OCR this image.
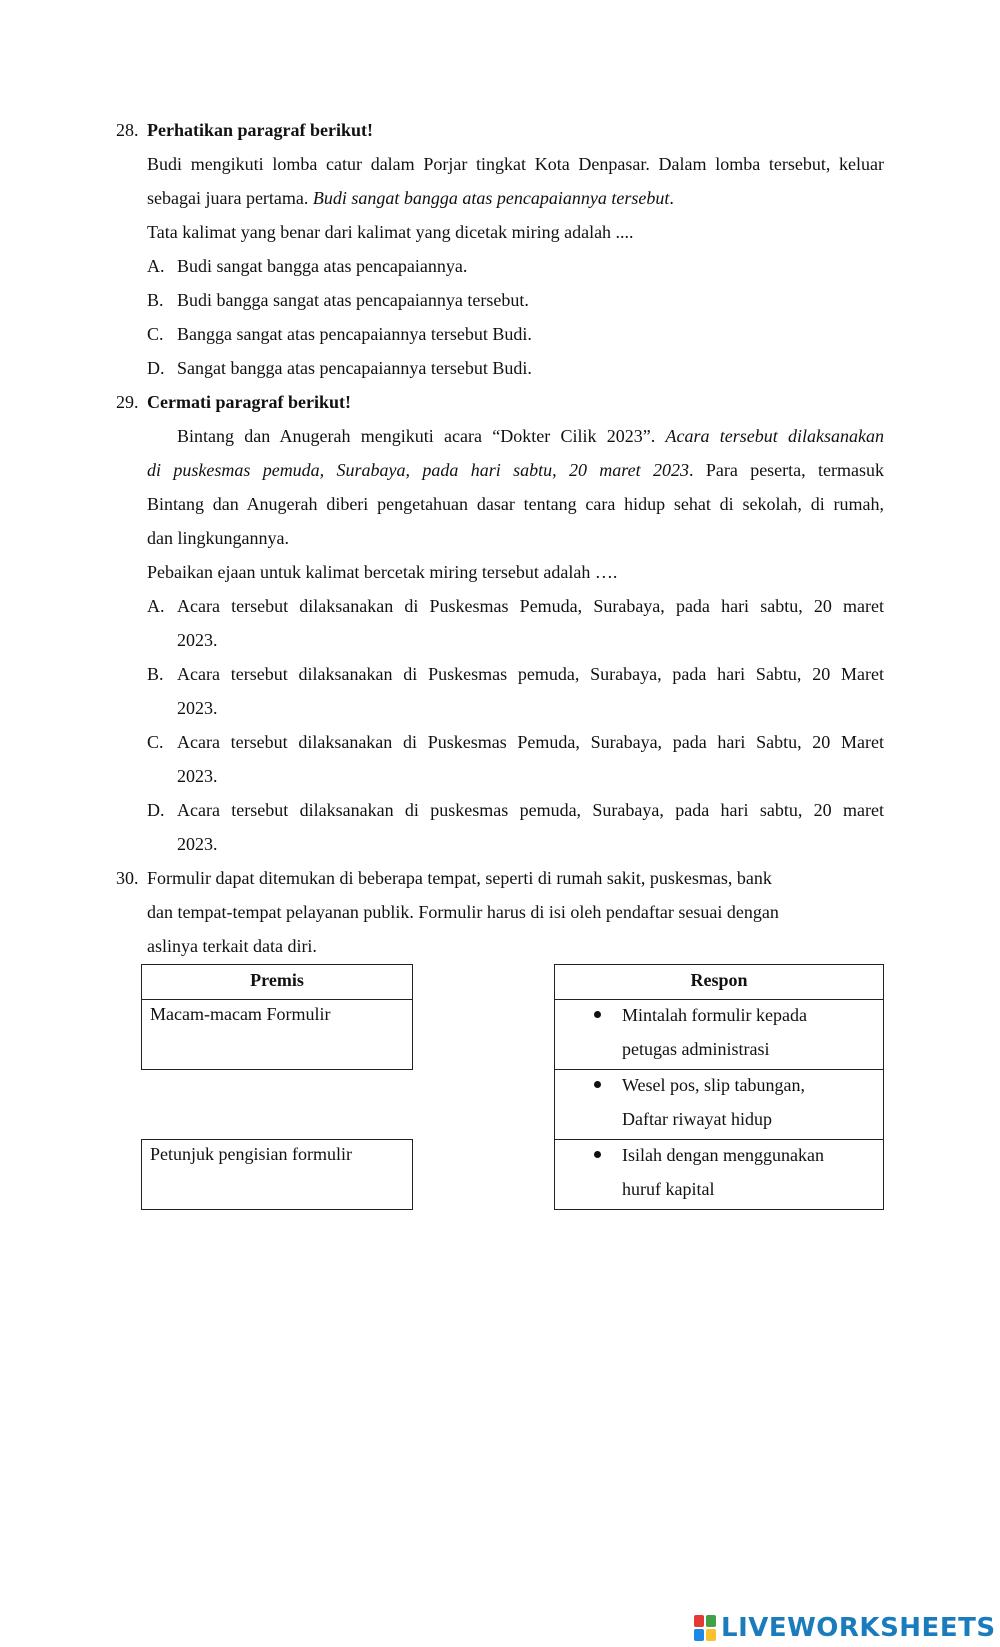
28. Perhatikan paragraf berikut!
Budi mengikuti lomba catur dalam Porjar tingkat Kota Denpasar. Dalam lomba tersebut, keluar
sebagai juara pertama. Budi sangat bangga atas pencapaiannya tersebut.
Tata kalimat yang benar dari kalimat yang dicetak miring adalah ....
A. Budi sangat bangga atas pencapaiannya.
B. Budi bangga sangat atas pencapaiannya tersebut.
C. Bangga sangat atas pencapaiannya tersebut Budi.
D. Sangat bangga atas pencapaiannya tersebut Budi.
29. Cermati paragraf berikut!
Bintang dan Anugerah mengikuti acara “Dokter Cilik 2023”. Acara tersebut dilaksanakan
di puskesmas pemuda, Surabaya, pada hari sabtu, 20 maret 2023. Para peserta, termasuk
Bintang dan Anugerah diberi pengetahuan dasar tentang cara hidup sehat di sekolah, di rumah,
dan lingkungannya.
Pebaikan ejaan untuk kalimat bercetak miring tersebut adalah ….
A. Acara tersebut dilaksanakan di Puskesmas Pemuda, Surabaya, pada hari sabtu, 20 maret
2023.
B. Acara tersebut dilaksanakan di Puskesmas pemuda, Surabaya, pada hari Sabtu, 20 Maret
2023.
C. Acara tersebut dilaksanakan di Puskesmas Pemuda, Surabaya, pada hari Sabtu, 20 Maret
2023.
D. Acara tersebut dilaksanakan di puskesmas pemuda, Surabaya, pada hari sabtu, 20 maret
2023.
30. Formulir dapat ditemukan di beberapa tempat, seperti di rumah sakit, puskesmas, bank
dan tempat-tempat pelayanan publik. Formulir harus di isi oleh pendaftar sesuai dengan
aslinya terkait data diri.
Premis
Macam-macam Formulir
Petunjuk pengisian formulir
Respon
Mintalah formulir kepada
petugas administrasi
Wesel pos, slip tabungan,
Daftar riwayat hidup
Isilah dengan menggunakan
huruf kapital
LIVEWORKSHEETS
